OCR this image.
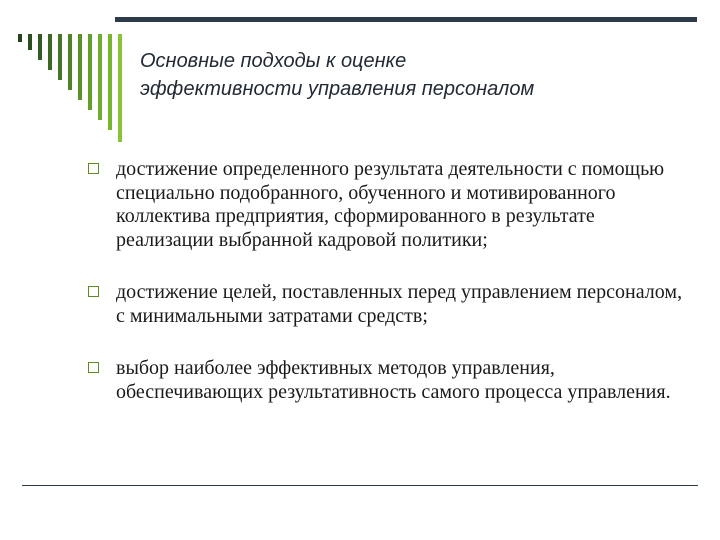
Основные подходы к оценке
эффективности управления персоналом
достижение определенного результата деятельности с помощью специально подобранного, обученного и мотивированного коллектива предприятия, сформированного в результате реализации выбранной кадровой политики;
достижение целей, поставленных перед управлением персоналом, с минимальными затратами средств;
выбор наиболее эффективных методов управления, обеспечивающих результативность самого процесса управления.
